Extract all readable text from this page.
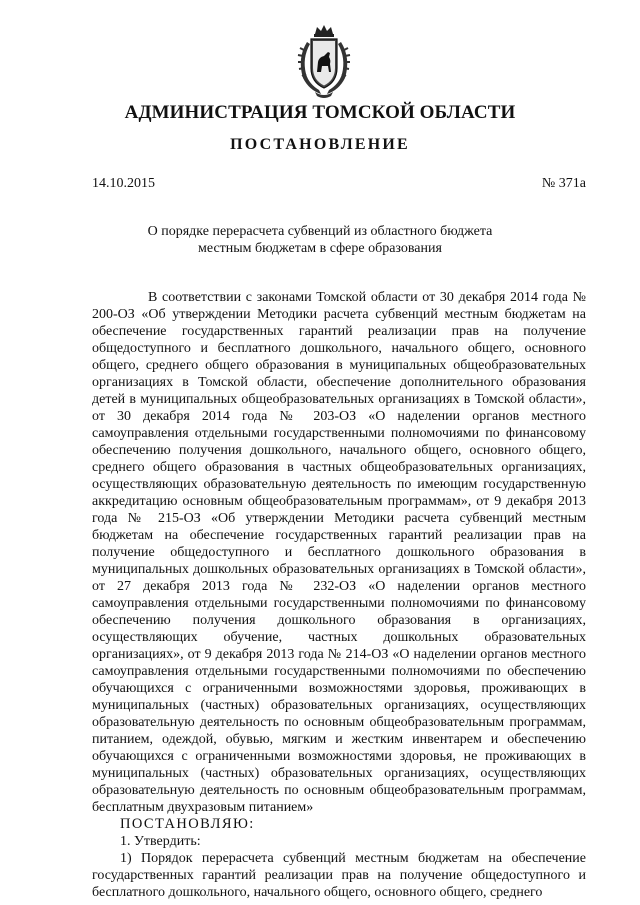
АДМИНИСТРАЦИЯ ТОМСКОЙ ОБЛАСТИ
ПОСТАНОВЛЕНИЕ
14.10.2015	№ 371а
О порядке перерасчета субвенций из областного бюджета
местным бюджетам в сфере образования

В соответствии с законами Томской области от 30 декабря 2014 года № 200-ОЗ «Об утверждении Методики расчета субвенций местным бюджетам на обеспечение государственных гарантий реализации прав на получение общедоступного и бесплатного дошкольного, начального общего, основного общего, среднего общего образования в муниципальных общеобразовательных организациях в Томской области, обеспечение дополнительного образования детей в муниципальных общеобразовательных организациях в Томской области», от 30 декабря 2014 года № 203-ОЗ «О наделении органов местного самоуправления отдельными государственными полномочиями по финансовому обеспечению получения дошкольного, начального общего, основного общего, среднего общего образования в частных общеобразовательных организациях, осуществляющих образовательную деятельность по имеющим государственную аккредитацию основным общеобразовательным программам», от 9 декабря 2013 года № 215-ОЗ «Об утверждении Методики расчета субвенций местным бюджетам на обеспечение государственных гарантий реализации прав на получение общедоступного и бесплатного дошкольного образования в муниципальных дошкольных образовательных организациях в Томской области», от 27 декабря 2013 года № 232-ОЗ «О наделении органов местного самоуправления отдельными государственными полномочиями по финансовому обеспечению получения дошкольного образования в организациях, осуществляющих обучение, частных дошкольных образовательных организациях», от 9 декабря 2013 года № 214-ОЗ «О наделении органов местного самоуправления отдельными государственными полномочиями по обеспечению обучающихся с ограниченными возможностями здоровья, проживающих в муниципальных (частных) образовательных организациях, осуществляющих образовательную деятельность по основным общеобразовательным программам, питанием, одеждой, обувью, мягким и жестким инвентарем и обеспечению обучающихся с ограниченными возможностями здоровья, не проживающих в муниципальных (частных) образовательных организациях, осуществляющих образовательную деятельность по основным общеобразовательным программам, бесплатным двухразовым питанием»

ПОСТАНОВЛЯЮ:

1. Утвердить:

1) Порядок перерасчета субвенций местным бюджетам на обеспечение государственных гарантий реализации прав на получение общедоступного и бесплатного дошкольного, начального общего, основного общего, среднего
